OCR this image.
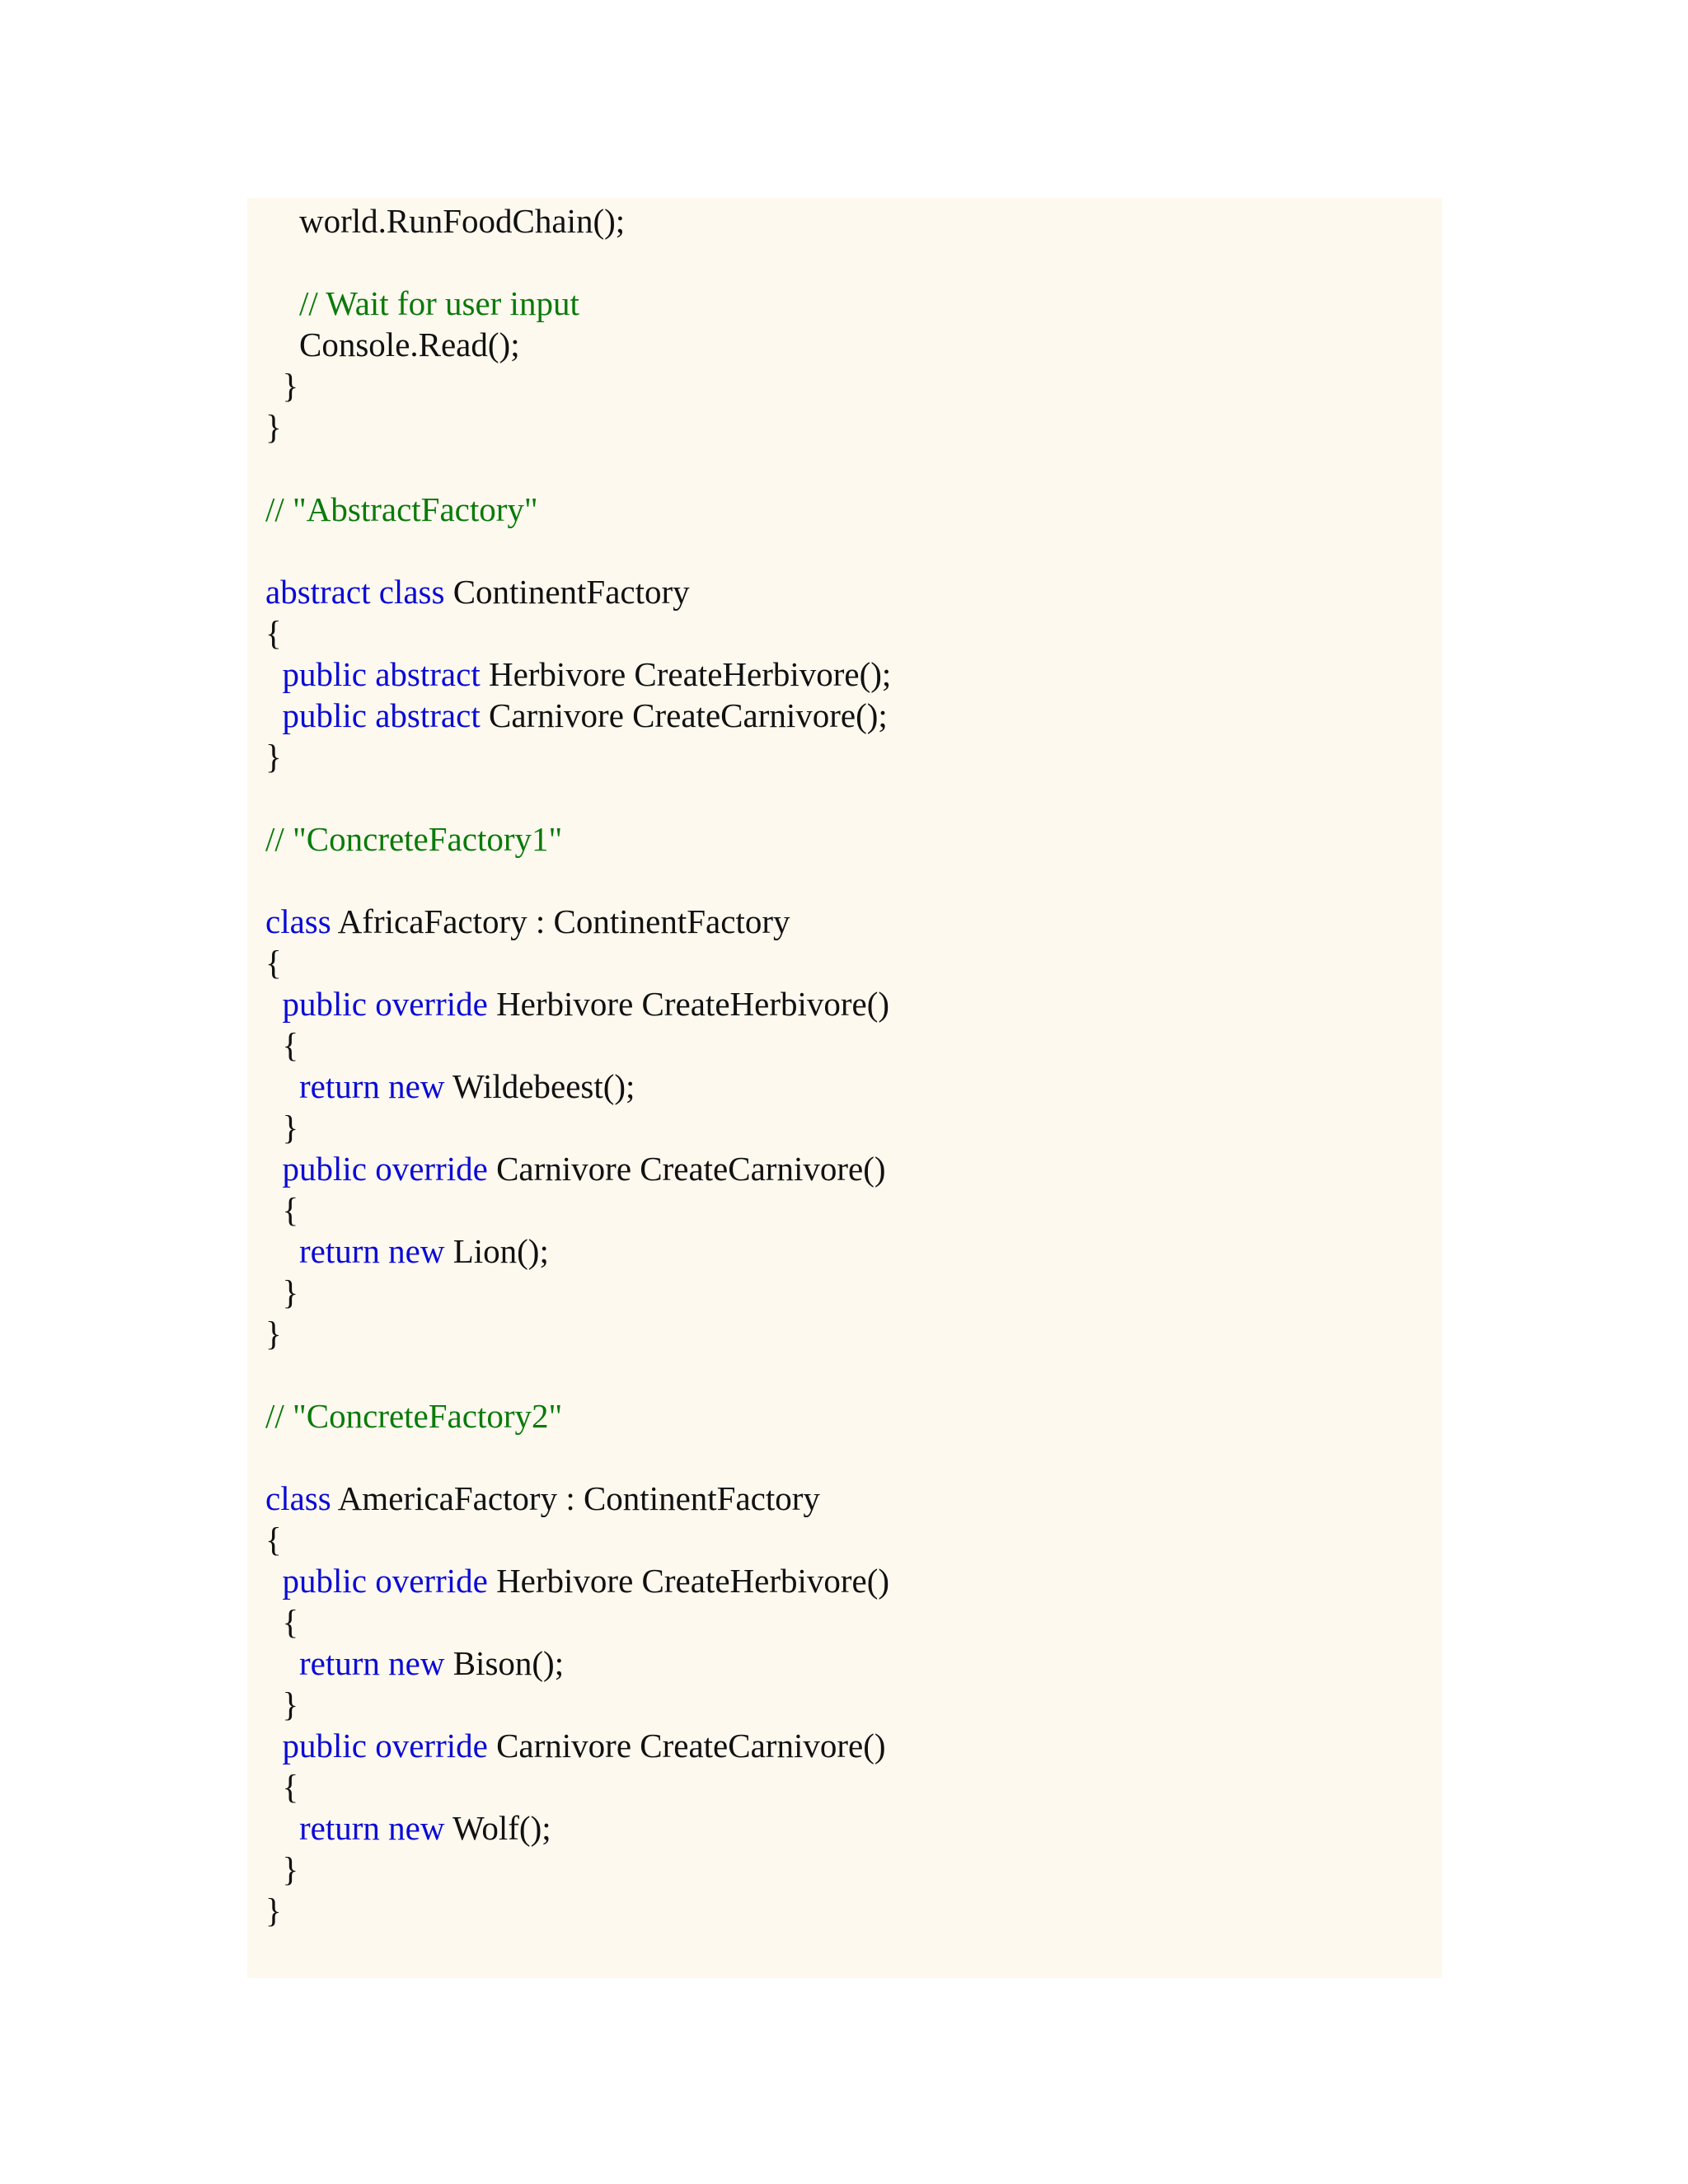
world.RunFoodChain();
// Wait for user input
Console.Read();
}
}
// "AbstractFactory"
abstract class ContinentFactory
{
public abstract Herbivore CreateHerbivore();
public abstract Carnivore CreateCarnivore();
}
// "ConcreteFactory1"
class AfricaFactory : ContinentFactory
{
public override Herbivore CreateHerbivore()
{
return new Wildebeest();
}
public override Carnivore CreateCarnivore()
{
return new Lion();
}
}
// "ConcreteFactory2"
class AmericaFactory : ContinentFactory
{
public override Herbivore CreateHerbivore()
{
return new Bison();
}
public override Carnivore CreateCarnivore()
{
return new Wolf();
}
}
